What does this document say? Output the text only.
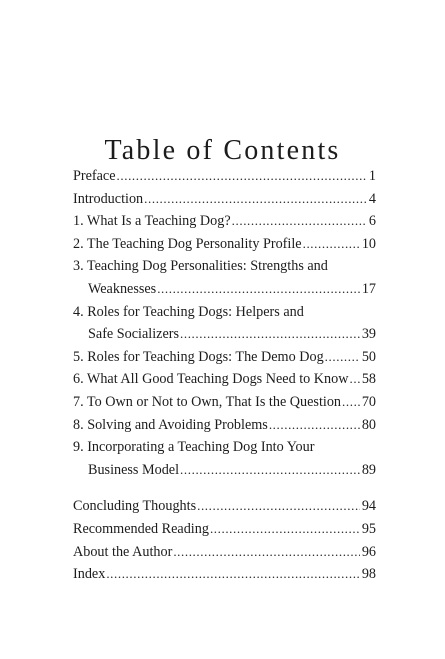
Table of Contents
Preface .....	1
Introduction .....	4
1. What Is a Teaching Dog? .....	6
2. The Teaching Dog Personality Profile .....	10
3. Teaching Dog Personalities: Strengths and
Weaknesses .....	17
4. Roles for Teaching Dogs: Helpers and
Safe Socializers .....	39
5. Roles for Teaching Dogs: The Demo Dog .....	50
6. What All Good Teaching Dogs Need to Know ..... 58
7. To Own or Not to Own, That Is the Question ..... 70
8. Solving and Avoiding Problems .....	80
9. Incorporating a Teaching Dog Into Your
Business Model .....	89
Concluding Thoughts .....	94
Recommended Reading .....	95
About the Author .....	96
Index .....	98
